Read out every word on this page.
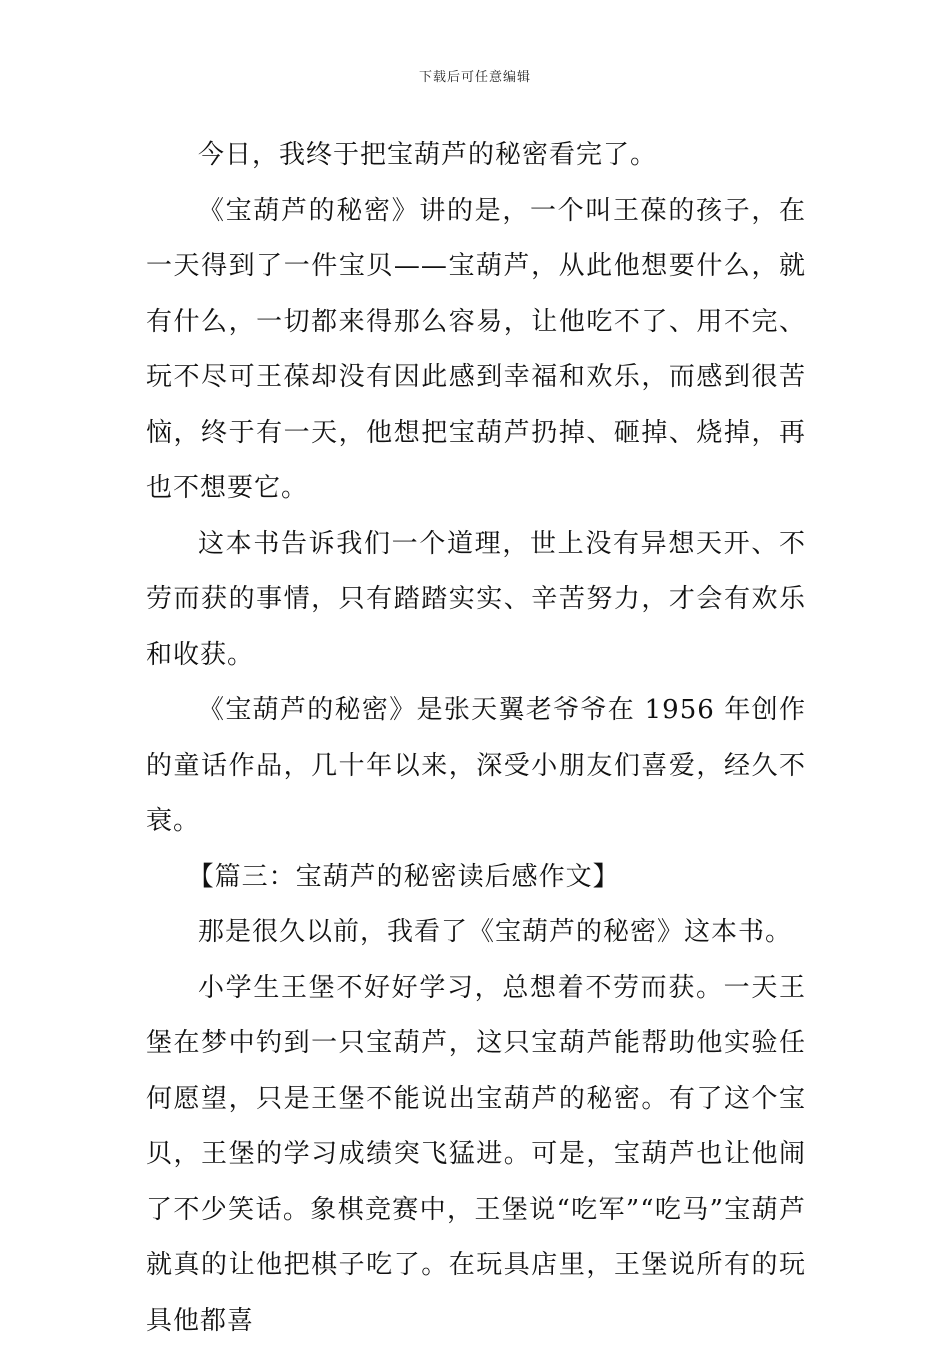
下载后可任意编辑

今日，我终于把宝葫芦的秘密看完了。

《宝葫芦的秘密》讲的是，一个叫王葆的孩子，在一天得到了一件宝贝——宝葫芦，从此他想要什么，就有什么，一切都来得那么容易，让他吃不了、用不完、玩不尽可王葆却没有因此感到幸福和欢乐，而感到很苦恼，终于有一天，他想把宝葫芦扔掉、砸掉、烧掉，再也不想要它。

这本书告诉我们一个道理，世上没有异想天开、不劳而获的事情，只有踏踏实实、辛苦努力，才会有欢乐和收获。

《宝葫芦的秘密》是张天翼老爷爷在 1956 年创作的童话作品，几十年以来，深受小朋友们喜爱，经久不衰。

【篇三：宝葫芦的秘密读后感作文】

那是很久以前，我看了《宝葫芦的秘密》这本书。

小学生王堡不好好学习，总想着不劳而获。一天王堡在梦中钓到一只宝葫芦，这只宝葫芦能帮助他实验任何愿望，只是王堡不能说出宝葫芦的秘密。有了这个宝贝，王堡的学习成绩突飞猛进。可是，宝葫芦也让他闹了不少笑话。象棋竞赛中，王堡说“吃军”“吃马”宝葫芦就真的让他把棋子吃了。在玩具店里，王堡说所有的玩具他都喜
